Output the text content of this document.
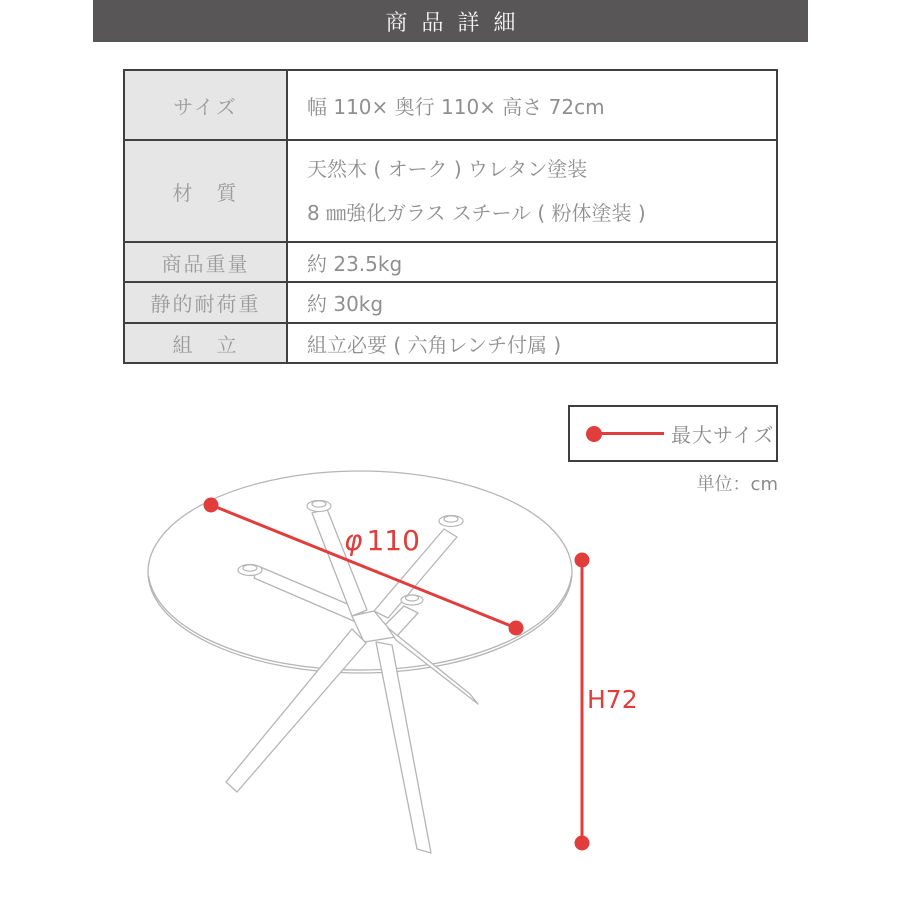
商品詳細
サイズ	幅 110× 奥行 110× 高さ 72cm
材　質	天然木 ( オーク ) ウレタン塗装
8 ㎜強化ガラス スチール ( 粉体塗装 )

商品重量	約 23.5kg
静的耐荷重	約 30kg
組　立	組立必要 ( 六角レンチ付属 )
最大サイズ
単位：cm
φ 110
H72
